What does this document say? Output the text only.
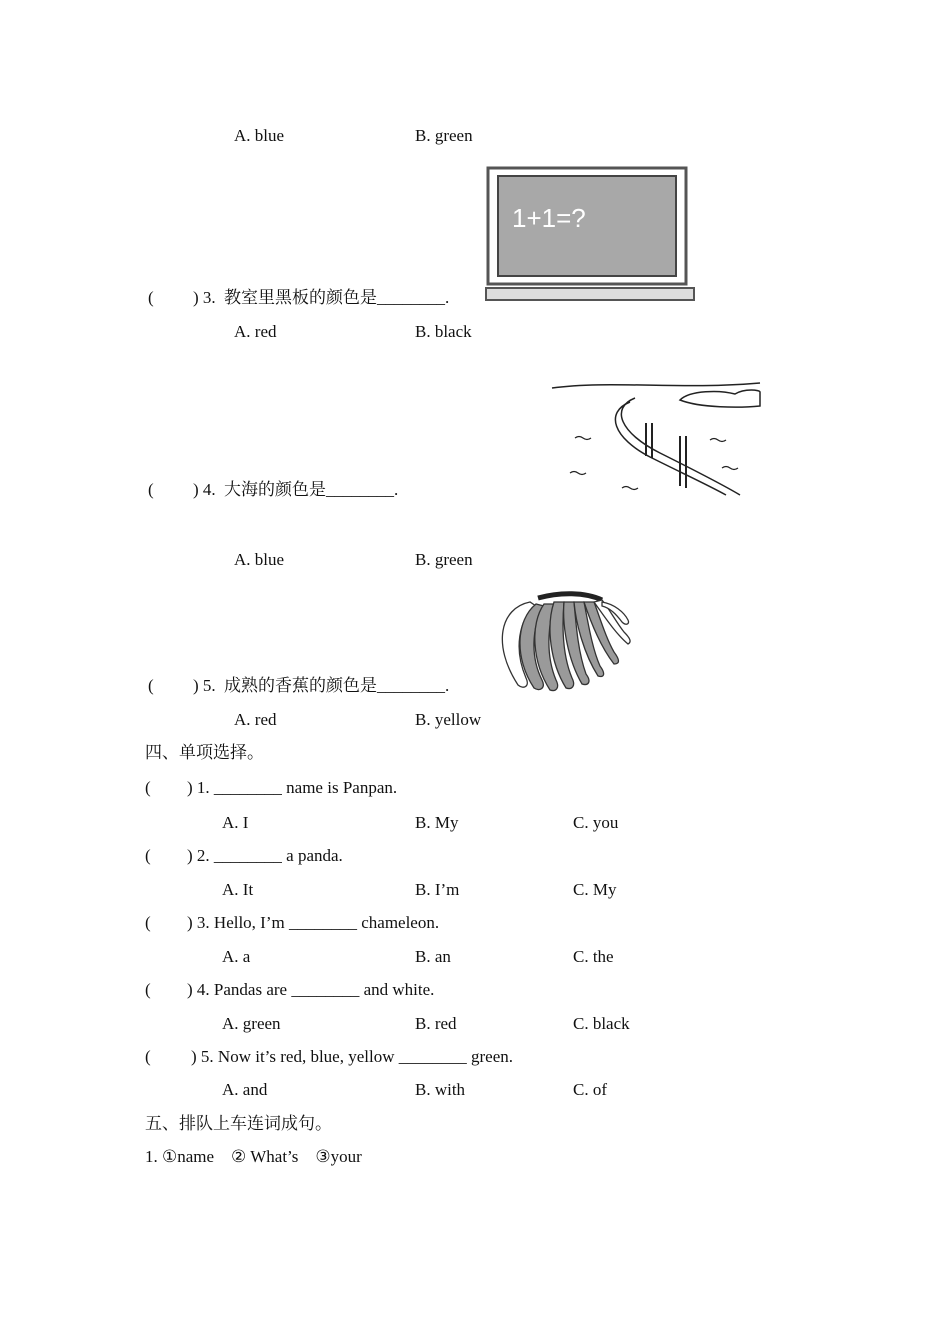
A. blue	B. green
1+1=?
( ) 3. 教室里黑板的颜色是________.
A. red	B. black
( ) 4. 大海的颜色是________.
A. blue	B. green
( ) 5. 成熟的香蕉的颜色是________.
A. red	B. yellow
四、单项选择。
( ) 1. ________ name is Panpan.
A. I	B. My	C. you
( ) 2. ________ a panda.
A. It	B. I’m	C. My
( ) 3. Hello, I’m ________ chameleon.
A. a	B. an	C. the
( ) 4. Pandas are ________ and white.
A. green	B. red	C. black
( ) 5. Now it’s red, blue, yellow ________ green.
A. and	B. with	C. of
五、排队上车连词成句。
1. ①name    ② What’s    ③your
